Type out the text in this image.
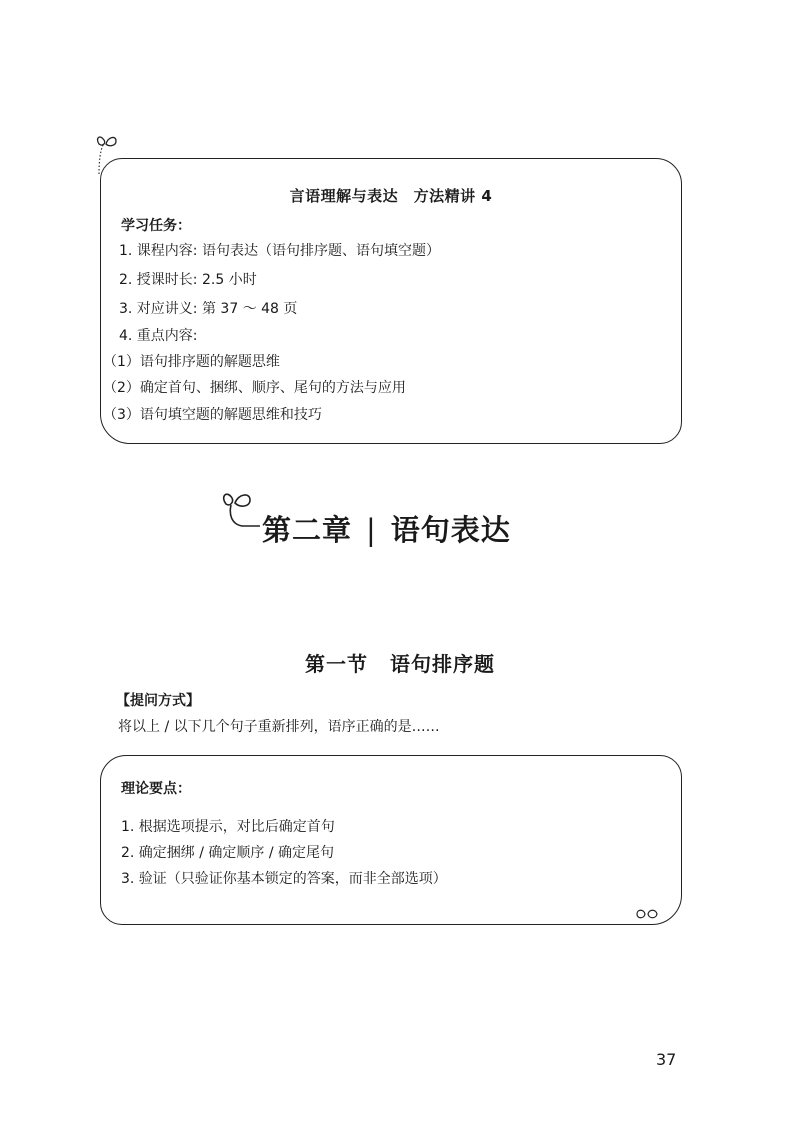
言语理解与表达　方法精讲 4
学习任务：
1. 课程内容: 语句表达（语句排序题、语句填空题）
2. 授课时长: 2.5 小时
3. 对应讲义: 第 37 ～ 48 页
4. 重点内容:
（1）语句排序题的解题思维
（2）确定首句、捆绑、顺序、尾句的方法与应用
（3）语句填空题的解题思维和技巧
第二章 | 语句表达
第一节 语句排序题
【提问方式】
将以上 / 以下几个句子重新排列，语序正确的是……
理论要点：
1. 根据选项提示，对比后确定首句
2. 确定捆绑 / 确定顺序 / 确定尾句
3. 验证（只验证你基本锁定的答案，而非全部选项）
37
